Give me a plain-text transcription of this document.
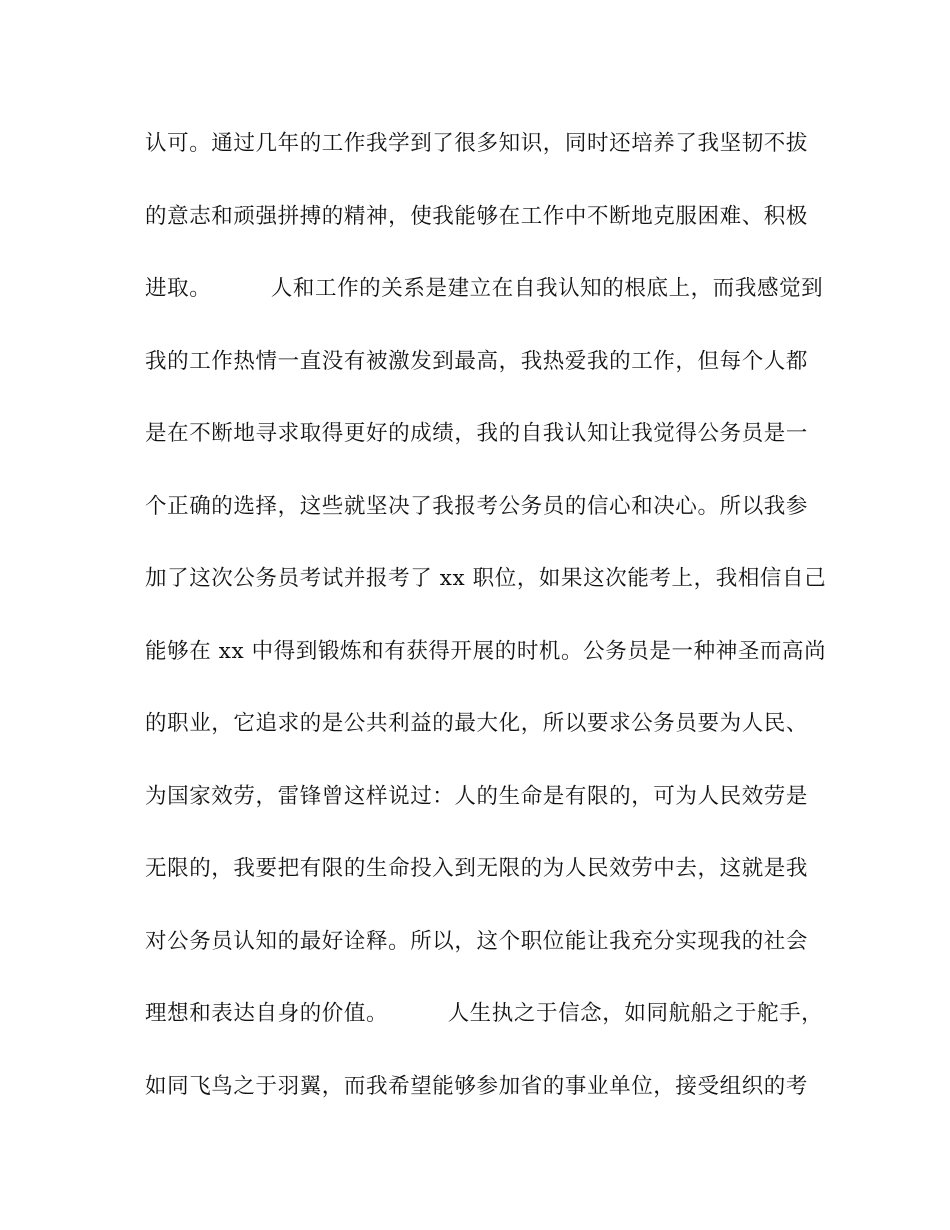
认可。通过几年的工作我学到了很多知识，同时还培养了我坚韧不拔
的意志和顽强拼搏的精神，使我能够在工作中不断地克服困难、积极
进取。        人和工作的关系是建立在自我认知的根底上，而我感觉到
我的工作热情一直没有被激发到最高，我热爱我的工作，但每个人都
是在不断地寻求取得更好的成绩，我的自我认知让我觉得公务员是一
个正确的选择，这些就坚决了我报考公务员的信心和决心。所以我参
加了这次公务员考试并报考了 xx 职位，如果这次能考上，我相信自己
能够在 xx 中得到锻炼和有获得开展的时机。公务员是一种神圣而高尚
的职业，它追求的是公共利益的最大化，所以要求公务员要为人民、
为国家效劳，雷锋曾这样说过：人的生命是有限的，可为人民效劳是
无限的，我要把有限的生命投入到无限的为人民效劳中去，这就是我
对公务员认知的最好诠释。所以，这个职位能让我充分实现我的社会
理想和表达自身的价值。        人生执之于信念，如同航船之于舵手，
如同飞鸟之于羽翼，而我希望能够参加省的事业单位，接受组织的考
